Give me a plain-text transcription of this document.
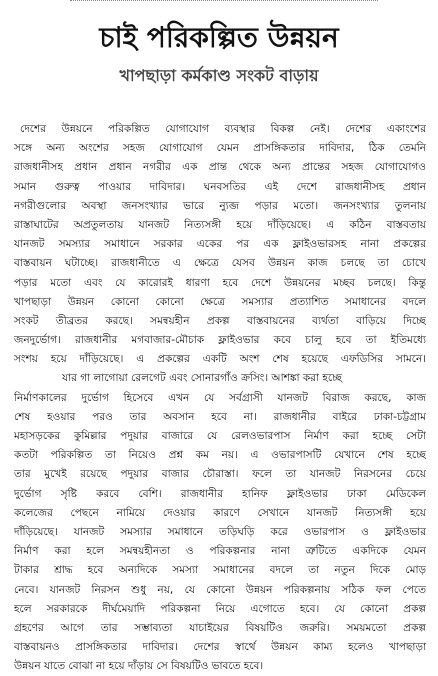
চাই পরিকল্পিত উন্নয়ন
খাপছাড়া কর্মকাণ্ড সংকট বাড়ায়
দেশের উন্নয়নে পরিকল্পিত যোগাযোগ ব্যবস্থার বিকল্প নেই। দেশের একাংশের
সঙ্গে অন্য অংশের সহজ যোগাযোগ যেমন প্রাসঙ্গিকতার দাবিদার, ঠিক তেমনি
রাজধানীসহ প্রধান প্রধান নগরীর এক প্রান্ত থেকে অন্য প্রান্তের সহজ যোগাযোগও
সমান গুরুত্ব পাওয়ার দাবিদার। ঘনবসতির এই দেশে রাজধানীসহ প্রধান
নগরীগুলোর অবস্থা জনসংখ্যার ভারে ন্যুব্জ পড়ার মতো। জনসংখ্যার তুলনায়
রাস্তাঘাটের অপ্রতুলতায় যানজট নিত্যসঙ্গী হয়ে দাঁড়িয়েছে। এ কঠিন বাস্তবতায়
যানজট সমস্যার সমাধানে সরকার একের পর এক ফ্লাইওভারসহ নানা প্রকল্পের
বাস্তবায়ন ঘটাচ্ছে। রাজধানীতে এ ক্ষেত্রে যেসব উন্নয়ন কাজ চলছে তা চোখে
পড়ার মতো এবং যে কারোরই ধারণা হবে দেশে উন্নয়নের মচ্ছব চলছে। কিন্তু
খাপছাড়া উন্নয়ন কোনো কোনো ক্ষেত্রে সমস্যার প্রত্যাশিত সমাধানের বদলে
সংকট তীব্রতর করছে। সমন্বয়হীন প্রকল্প বাস্তবায়নের ব্যর্থতা বাড়িয়ে দিচ্ছে
জনদুর্ভোগ। রাজধানীর মগবাজার-মৌচাক ফ্লাইওভার কবে চালু হবে তা ইতিমধ্যে
সংশয় হয়ে দাঁড়িয়েছে। এ প্রকল্পের একটি অংশ শেষ হয়েছে এফডিসির সামনে।
যার গা লাগোয়া রেলগেট এবং সোনারগাঁও ক্রসিং। আশঙ্কা করা হচ্ছে
নির্মাণকালের দুর্ভোগ হিসেবে এখন যে সর্বগ্রাসী যানজট বিরাজ করছে, কাজ
শেষ হওয়ার পরও তার অবসান হবে না। রাজধানীর বাইরে ঢাকা-চট্টগ্রাম
মহাসড়কের কুমিল্লার পদুয়ার বাজারে যে রেলওভারপাস নির্মাণ করা হচ্ছে সেটা
কতটা পরিকল্পিত তা নিয়েও প্রশ্ন কম নয়। এ ওভারপাসটি যেখানে শেষ হচ্ছে
তার মুখেই রয়েছে পদুয়ার বাজার চৌরাস্তা। ফলে তা যানজট নিরসনের চেয়ে
দুর্ভোগ সৃষ্টি করবে বেশি। রাজধানীর হানিফ ফ্লাইওভার ঢাকা মেডিকেল
কলেজের পেছনে নামিয়ে দেওয়ার কারণে সেখানে যানজট নিত্যসঙ্গী হয়ে
দাঁড়িয়েছে। যানজট সমস্যার সমাধানে তড়িঘড়ি করে ওভারপাস ও ফ্লাইওভার
নির্মাণ করা হলে সমন্বয়হীনতা ও পরিকল্পনার নানা ত্রুটিতে একদিকে যেমন
টাকার শ্রাদ্ধ হবে অন্যদিকে সমস্যা সমাধানের বদলে তা নতুন দিকে মোড়
নেবে। যানজট নিরসন শুধু নয়, যে কোনো উন্নয়ন পরিকল্পনায় সঠিক ফল পেতে
হলে সরকারকে দীর্ঘমেয়াদি পরিকল্পনা নিয়ে এগোতে হবে। যে কোনো প্রকল্প
গ্রহণের আগে তার সম্ভাব্যতা যাচাইয়ের বিষয়টিও জরুরি। সময়মতো প্রকল্প
বাস্তবায়নও প্রাসঙ্গিকতার দাবিদার। দেশের স্বার্থে উন্নয়ন কাম্য হলেও খাপছাড়া
উন্নয়ন যাতে বোঝা না হয়ে দাঁড়ায় সে বিষয়টিও ভাবতে হবে।
